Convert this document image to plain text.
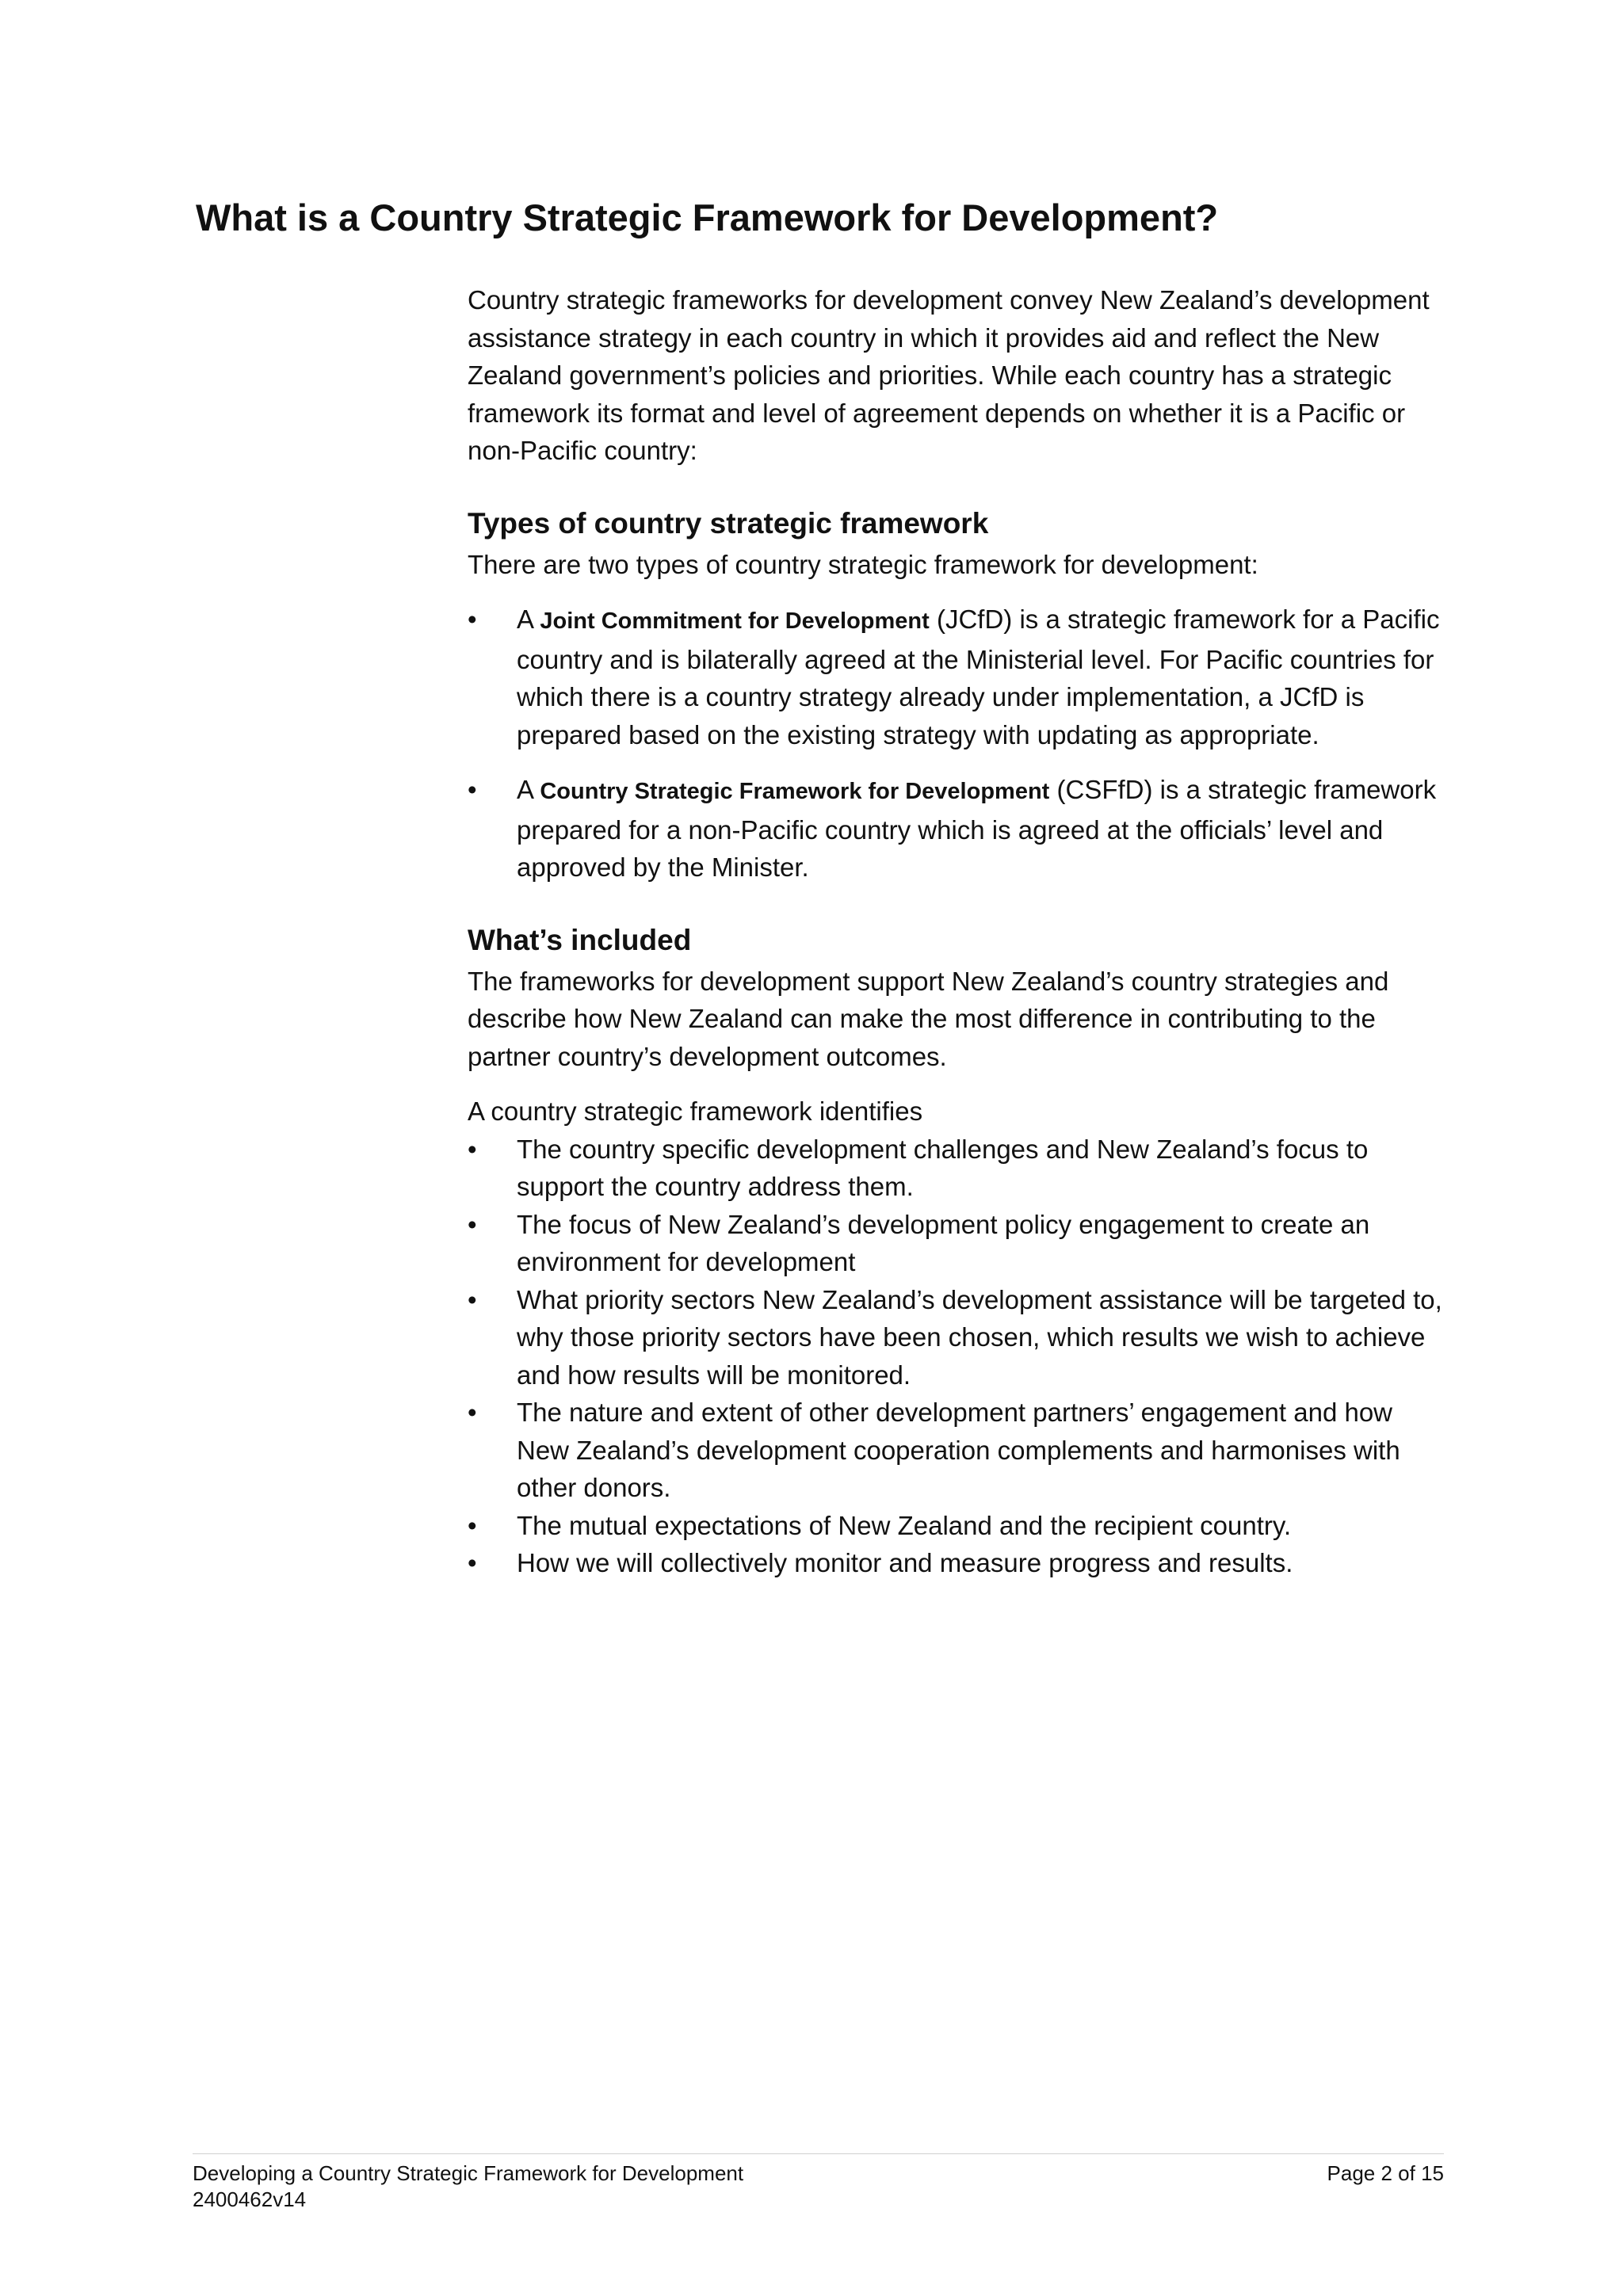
What is a Country Strategic Framework for Development?

Country strategic frameworks for development convey New Zealand’s development assistance strategy in each country in which it provides aid and reflect the New Zealand government’s policies and priorities. While each country has a strategic framework its format and level of agreement depends on whether it is a Pacific or non-Pacific country:

Types of country strategic framework

There are two types of country strategic framework for development:

• A Joint Commitment for Development (JCfD) is a strategic framework for a Pacific country and is bilaterally agreed at the Ministerial level. For Pacific countries for which there is a country strategy already under implementation, a JCfD is prepared based on the existing strategy with updating as appropriate.
• A Country Strategic Framework for Development (CSFfD) is a strategic framework prepared for a non-Pacific country which is agreed at the officials’ level and approved by the Minister.
What’s included

The frameworks for development support New Zealand’s country strategies and describe how New Zealand can make the most difference in contributing to the partner country’s development outcomes.

A country strategic framework identifies

• The country specific development challenges and New Zealand’s focus to support the country address them.
• The focus of New Zealand’s development policy engagement to create an environment for development
• What priority sectors New Zealand’s development assistance will be targeted to, why those priority sectors have been chosen, which results we wish to achieve and how results will be monitored.
• The nature and extent of other development partners’ engagement and how New Zealand’s development cooperation complements and harmonises with other donors.
• The mutual expectations of New Zealand and the recipient country.
• How we will collectively monitor and measure progress and results.
Developing a Country Strategic Framework for Development	Page 2 of 15
2400462v14
